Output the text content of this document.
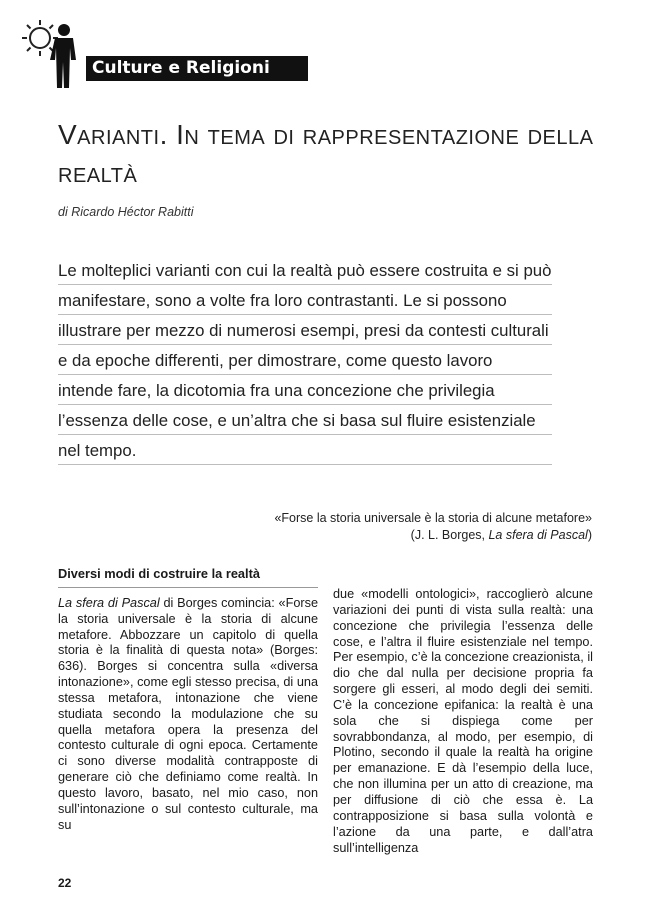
Culture e Religioni
Varianti. In tema di rappresentazione della realtà
di Ricardo Héctor Rabitti

Le molteplici varianti con cui la realtà può essere costruita e si può manifestare, sono a volte fra loro contrastanti. Le si possono illustrare per mezzo di numerosi esempi, presi da contesti culturali e da epoche differenti, per dimostrare, come questo lavoro intende fare, la dicotomia fra una concezione che privilegia l’essenza delle cose, e un’altra che si basa sul fluire esistenziale nel tempo.

«Forse la storia universale è la storia di alcune metafore»
(J. L. Borges, La sfera di Pascal)
Diversi modi di costruire la realtà

La sfera di Pascal di Borges comincia: «Forse la storia universale è la storia di alcune metafore. Abbozzare un capitolo di quella storia è la finalità di questa nota» (Borges: 636). Borges si concentra sulla «diversa intonazione», come egli stesso precisa, di una stessa metafora, intonazione che viene studiata secondo la modulazione che su quella metafora opera la presenza del contesto culturale di ogni epoca. Certamente ci sono diverse modalità contrapposte di generare ciò che definiamo come realtà. In questo lavoro, basato, nel mio caso, non sull’intonazione o sul contesto culturale, ma su

due «modelli ontologici», raccoglierò alcune variazioni dei punti di vista sulla realtà: una concezione che privilegia l’essenza delle cose, e l’altra il fluire esistenziale nel tempo. Per esempio, c’è la concezione creazionista, il dio che dal nulla per decisione propria fa sorgere gli esseri, al modo degli dei semiti. C’è la concezione epifanica: la realtà è una sola che si dispiega come per sovrabbondanza, al modo, per esempio, di Plotino, secondo il quale la realtà ha origine per emanazione. E dà l’esempio della luce, che non illumina per un atto di creazione, ma per diffusione di ciò che essa è. La contrapposizione si basa sulla volontà e l’azione da una parte, e dall’atra sull’intelligenza

22
